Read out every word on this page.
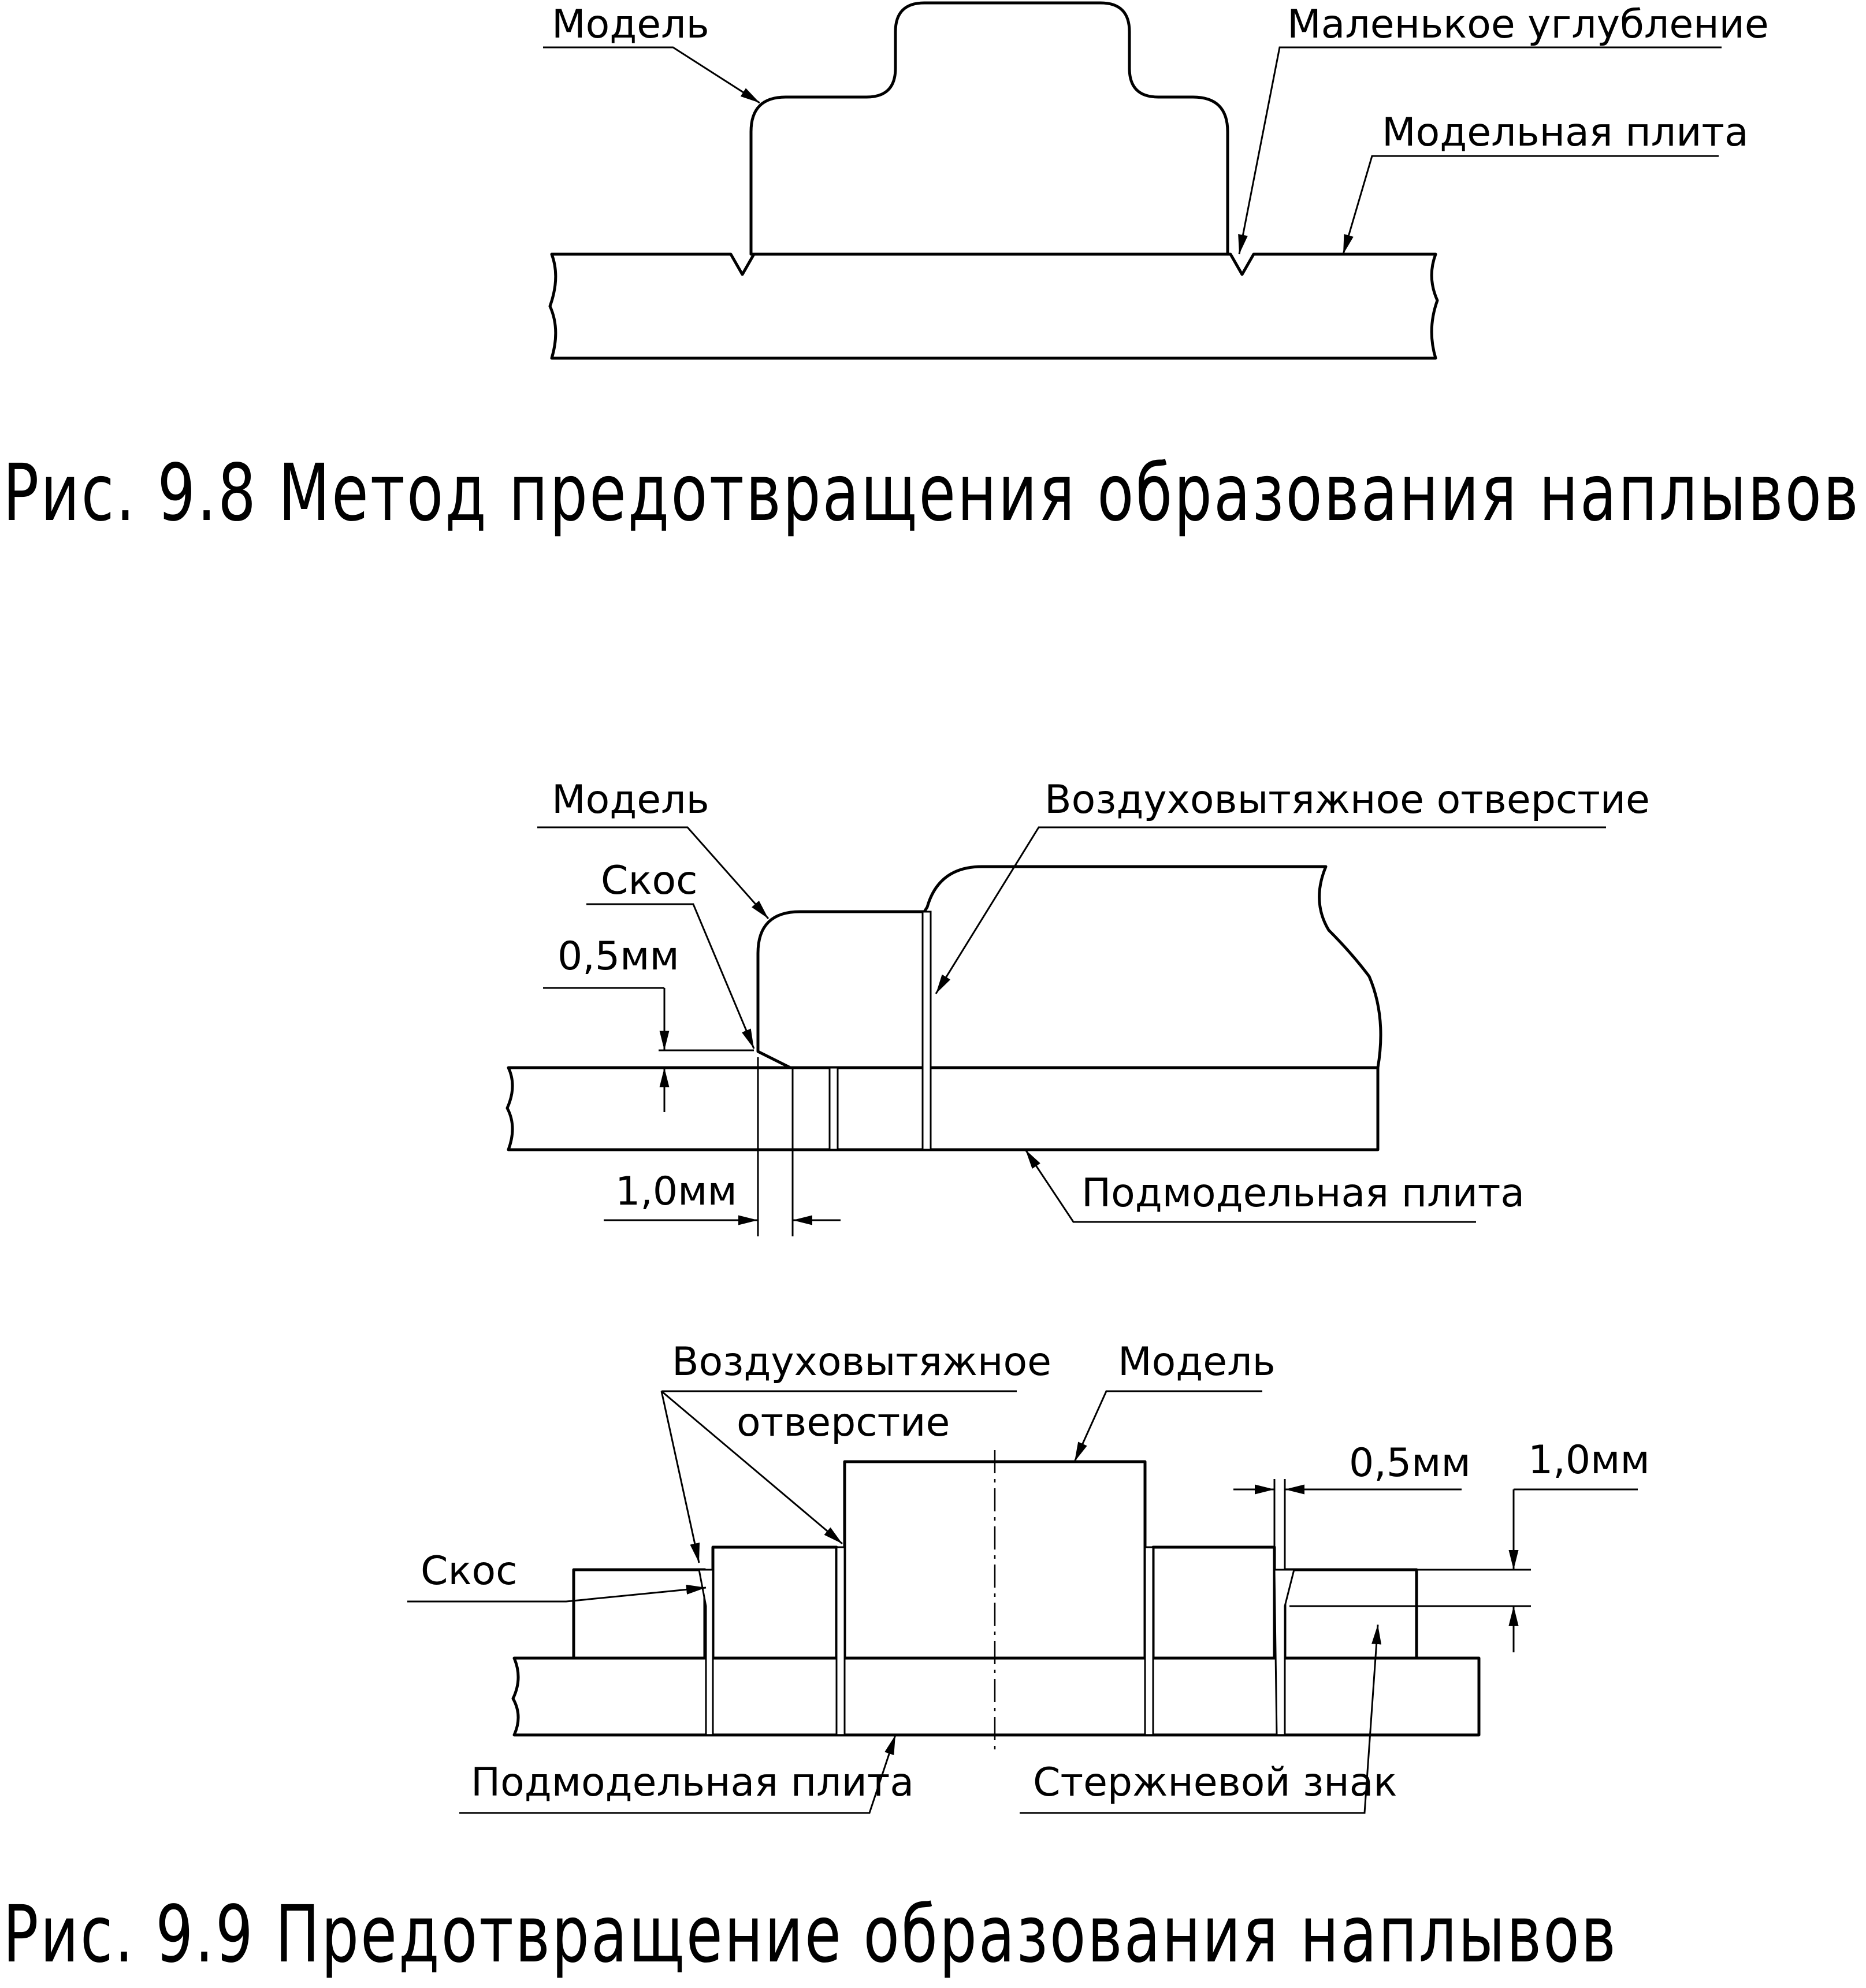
Модель	Маленькое углубление
Модельная плита
Рис. 9.8 Метод предотвращения образования наплывов
Модель	Воздуховытяжное отверстие
Скос
0,5мм
1,0мм	Подмодельная плита
Воздуховытяжное
отверстие
Модель
Скос
0,5мм 1,0мм
Подмодельная плита	Стержневой знак
Рис. 9.9 Предотвращение образования наплывов
